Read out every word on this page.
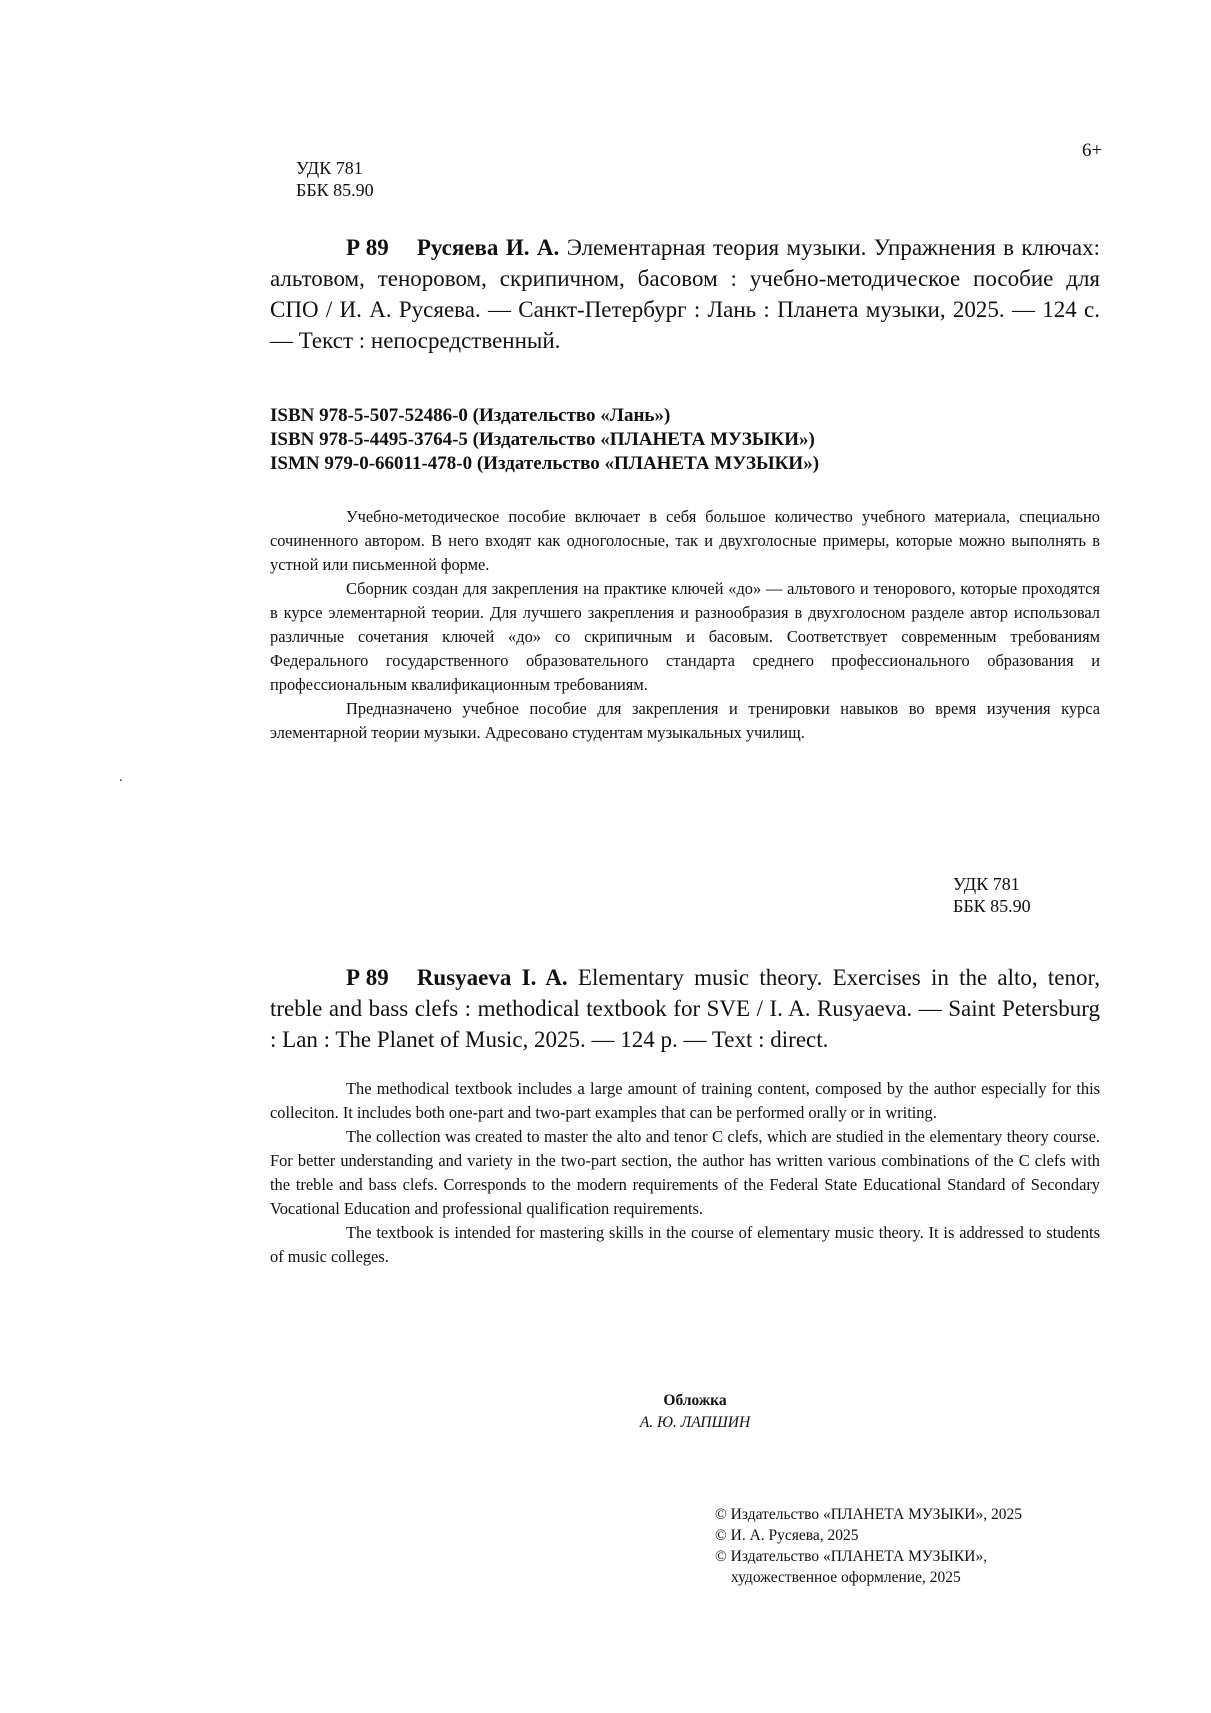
6+
УДК 781
ББК 85.90
Р 89 Русяева И. А. Элементарная теория музыки. Упражнения в ключах: альтовом, теноровом, скрипичном, басовом : учебно-методическое пособие для СПО / И. А. Русяева. — Санкт-Петербург : Лань : Планета музыки, 2025. — 124 с. — Текст : непосредственный.
ISBN 978-5-507-52486-0 (Издательство «Лань»)
ISBN 978-5-4495-3764-5 (Издательство «ПЛАНЕТА МУЗЫКИ»)
ISMN 979-0-66011-478-0 (Издательство «ПЛАНЕТА МУЗЫКИ»)

Учебно-методическое пособие включает в себя большое количество учебного материала, специально сочиненного автором. В него входят как одноголосные, так и двухголосные примеры, которые можно выполнять в устной или письменной форме.

Сборник создан для закрепления на практике ключей «до» — альтового и тенорового, которые проходятся в курсе элементарной теории. Для лучшего закрепления и разнообразия в двухголосном разделе автор использовал различные сочетания ключей «до» со скрипичным и басовым. Соответствует современным требованиям Федерального государственного образовательного стандарта среднего профессионального образования и профессиональным квалификационным требованиям.

Предназначено учебное пособие для закрепления и тренировки навыков во время изучения курса элементарной теории музыки. Адресовано студентам музыкальных училищ.

.
УДК 781
ББК 85.90
Р 89 Rusyaeva I. A. Elementary music theory. Exercises in the alto, tenor, treble and bass clefs : methodical textbook for SVE / I. A. Rusyaeva. — Saint Petersburg : Lan : The Planet of Music, 2025. — 124 p. — Text : direct.

The methodical textbook includes a large amount of training content, composed by the author especially for this colleciton. It includes both one-part and two-part examples that can be performed orally or in writing.

The collection was created to master the alto and tenor C clefs, which are studied in the elementary theory course. For better understanding and variety in the two-part section, the author has written various combinations of the C clefs with the treble and bass clefs. Corresponds to the modern requirements of the Federal State Educational Standard of Secondary Vocational Education and professional qualification requirements.

The textbook is intended for mastering skills in the course of elementary music theory. It is addressed to students of music colleges.

Обложка
А. Ю. ЛАПШИН
© Издательство «ПЛАНЕТА МУЗЫКИ», 2025
© И. А. Русяева, 2025
© Издательство «ПЛАНЕТА МУЗЫКИ»,
художественное оформление, 2025
